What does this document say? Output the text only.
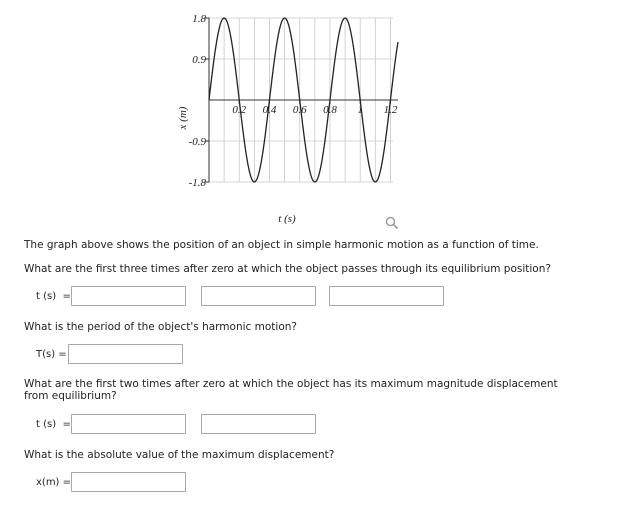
1.8
0.9
-0.9
-1.8
0.2 0.4 0.6 0.8 1 1.2
x (m)
t (s)
The graph above shows the position of an object in simple harmonic motion as a function of time.
What are the first three times after zero at which the object passes through its equilibrium position?
t (s) =
What is the period of the object's harmonic motion?
T(s) =
What are the first two times after zero at which the object has its maximum magnitude displacement from equilibrium?
t (s) =
What is the absolute value of the maximum displacement?
x(m) =
